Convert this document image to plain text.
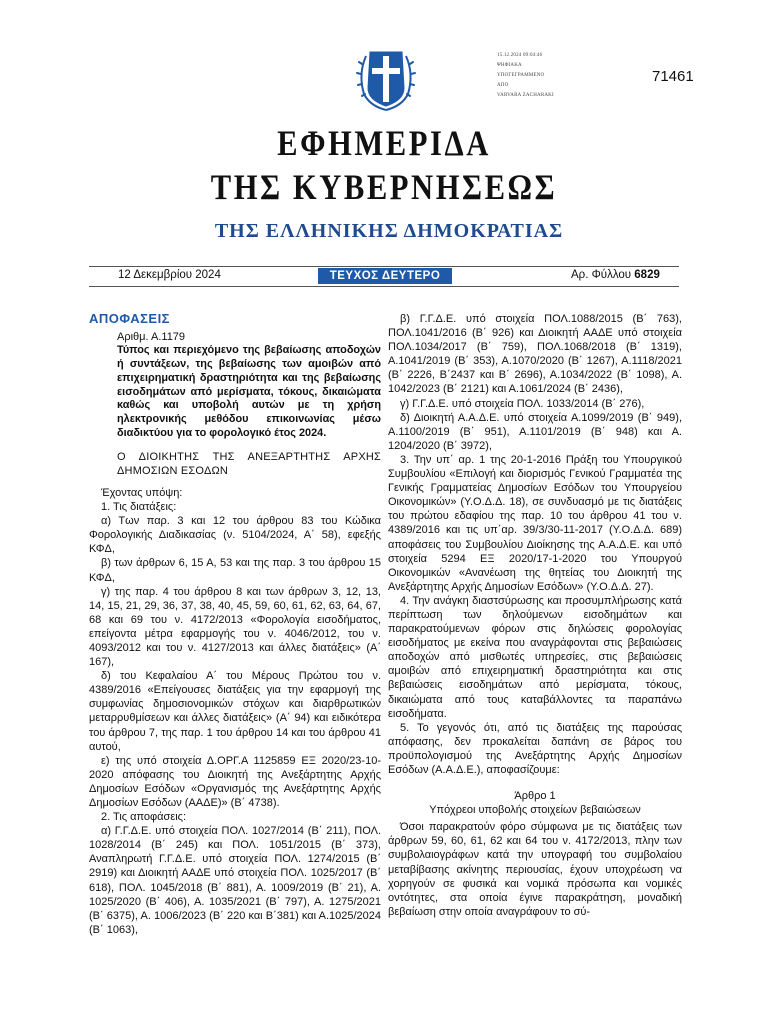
15.12.2024 09:04:46
ΨΗΦΙΑΚΑ
ΥΠΟΓΕΓΡΑΜΜΕΝΟ
ΑΠΟ
VARVARA ZACHARAKI
71461
ΕΦΗΜΕΡΙΔΑ
ΤΗΣ ΚΥΒΕΡΝΗΣΕΩΣ
ΤΗΣ ΕΛΛΗΝΙΚΗΣ ΔΗΜΟΚΡΑΤΙΑΣ
12 Δεκεμβρίου 2024	ΤΕΥΧΟΣ ΔΕΥΤΕΡΟ	Αρ. Φύλλου 6829

ΑΠΟΦΑΣΕΙΣ

Αριθμ. Α.1179

Τύπος και περιεχόμενο της βεβαίωσης αποδοχών ή συντάξεων, της βεβαίωσης των αμοιβών από επιχειρηματική δραστηριότητα και της βεβαίωσης εισοδημάτων από μερίσματα, τόκους, δικαιώματα καθώς και υποβολή αυτών με τη χρήση ηλεκτρονικής μεθόδου επικοινωνίας μέσω διαδικτύου για το φορολογικό έτος 2024.

Ο ΔΙΟΙΚΗΤΗΣ ΤΗΣ ΑΝΕΞΑΡΤΗΤΗΣ ΑΡΧΗΣ ΔΗΜΟΣΙΩΝ ΕΣΟΔΩΝ

Έχοντας υπόψη:

1. Τις διατάξεις:

α) Των παρ. 3 και 12 του άρθρου 83 του Κώδικα Φορολογικής Διαδικασίας (ν. 5104/2024, Α΄ 58), εφεξής ΚΦΔ,

β) των άρθρων 6, 15 Α, 53 και της παρ. 3 του άρθρου 15 ΚΦΔ,

γ) της παρ. 4 του άρθρου 8 και των άρθρων 3, 12, 13, 14, 15, 21, 29, 36, 37, 38, 40, 45, 59, 60, 61, 62, 63, 64, 67, 68 και 69 του ν. 4172/2013 «Φορολογία εισοδήματος, επείγοντα μέτρα εφαρμογής του ν. 4046/2012, του ν. 4093/2012 και του ν. 4127/2013 και άλλες διατάξεις» (Α΄ 167),

δ) του Κεφαλαίου Α΄ του Μέρους Πρώτου του ν. 4389/2016 «Επείγουσες διατάξεις για την εφαρμογή της συμφωνίας δημοσιονομικών στόχων και διαρθρωτικών μεταρρυθμίσεων και άλλες διατάξεις» (Α΄ 94) και ειδικότερα του άρθρου 7, της παρ. 1 του άρθρου 14 και του άρθρου 41 αυτού,

ε) της υπό στοιχεία Δ.ΟΡΓ.Α 1125859 ΕΞ 2020/23-10-2020 απόφασης του Διοικητή της Ανεξάρτητης Αρχής Δημοσίων Εσόδων «Οργανισμός της Ανεξάρτητης Αρχής Δημοσίων Εσόδων (ΑΑΔΕ)» (Β΄ 4738).

2. Τις αποφάσεις:

α) Γ.Γ.Δ.Ε. υπό στοιχεία ΠΟΛ. 1027/2014 (Β΄ 211), ΠΟΛ. 1028/2014 (Β΄ 245) και ΠΟΛ. 1051/2015 (Β΄ 373), Αναπληρωτή Γ.Γ.Δ.Ε. υπό στοιχεία ΠΟΛ. 1274/2015 (Β΄ 2919) και Διοικητή ΑΑΔΕ υπό στοιχεία ΠΟΛ. 1025/2017 (Β΄ 618), ΠΟΛ. 1045/2018 (Β΄ 881), Α. 1009/2019 (Β΄ 21), Α. 1025/2020 (Β΄ 406), Α. 1035/2021 (Β΄ 797), Α. 1275/2021 (Β΄ 6375), Α. 1006/2023 (Β΄ 220 και Β΄381) και Α.1025/2024 (Β΄ 1063),

β) Γ.Γ.Δ.Ε. υπό στοιχεία ΠΟΛ.1088/2015 (Β΄ 763), ΠΟΛ.1041/2016 (Β΄ 926) και Διοικητή ΑΑΔΕ υπό στοιχεία ΠΟΛ.1034/2017 (Β΄ 759), ΠΟΛ.1068/2018 (Β΄ 1319), Α.1041/2019 (Β΄ 353), Α.1070/2020 (Β΄ 1267), Α.1118/2021 (Β΄ 2226, Β΄2437 και Β΄ 2696), Α.1034/2022 (Β΄ 1098), Α. 1042/2023 (Β΄ 2121) και Α.1061/2024 (Β΄ 2436),

γ) Γ.Γ.Δ.Ε. υπό στοιχεία ΠΟΛ. 1033/2014 (Β΄ 276),

δ) Διοικητή Α.Α.Δ.Ε. υπό στοιχεία Α.1099/2019 (Β΄ 949), Α.1100/2019 (Β΄ 951), Α.1101/2019 (Β΄ 948) και Α. 1204/2020 (Β΄ 3972),

3. Την υπ΄ αρ. 1 της 20-1-2016 Πράξη του Υπουργικού Συμβουλίου «Επιλογή και διορισμός Γενικού Γραμματέα της Γενικής Γραμματείας Δημοσίων Εσόδων του Υπουργείου Οικονομικών» (Υ.Ο.Δ.Δ. 18), σε συνδυασμό με τις διατάξεις του πρώτου εδαφίου της παρ. 10 του άρθρου 41 του ν. 4389/2016 και τις υπ΄αρ. 39/3/30-11-2017 (Υ.Ο.Δ.Δ. 689) αποφάσεις του Συμβουλίου Διοίκησης της Α.Α.Δ.Ε. και υπό στοιχεία 5294 ΕΞ 2020/17-1-2020 του Υπουργού Οικονομικών «Ανανέωση της θητείας του Διοικητή της Ανεξάρτητης Αρχής Δημοσίων Εσόδων» (Υ.Ο.Δ.Δ. 27).

4. Την ανάγκη διαστσύρωσης και προσυμπλήρωσης κατά περίπτωση των δηλούμενων εισοδημάτων και παρακρατούμενων φόρων στις δηλώσεις φορολογίας εισοδήματος με εκείνα που αναγράφονται στις βεβαιώσεις αποδοχών από μισθωτές υπηρεσίες, στις βεβαιώσεις αμοιβών από επιχειρηματική δραστηριότητα και στις βεβαιώσεις εισοδημάτων από μερίσματα, τόκους, δικαιώματα από τους καταβάλλοντες τα παραπάνω εισοδήματα.

5. Το γεγονός ότι, από τις διατάξεις της παρούσας απόφασης, δεν προκαλείται δαπάνη σε βάρος του προϋπολογισμού της Ανεξάρτητης Αρχής Δημοσίων Εσόδων (Α.Α.Δ.Ε.), αποφασίζουμε:

Άρθρο 1

Υπόχρεοι υποβολής στοιχείων βεβαιώσεων

Όσοι παρακρατούν φόρο σύμφωνα με τις διατάξεις των άρθρων 59, 60, 61, 62 και 64 του ν. 4172/2013, πλην των συμβολαιογράφων κατά την υπογραφή του συμβολαίου μεταβίβασης ακίνητης περιουσίας, έχουν υποχρέωση να χορηγούν σε φυσικά και νομικά πρόσωπα και νομικές οντότητες, στα οποία έγινε παρακράτηση, μοναδική βεβαίωση στην οποία αναγράφουν το σύ-
